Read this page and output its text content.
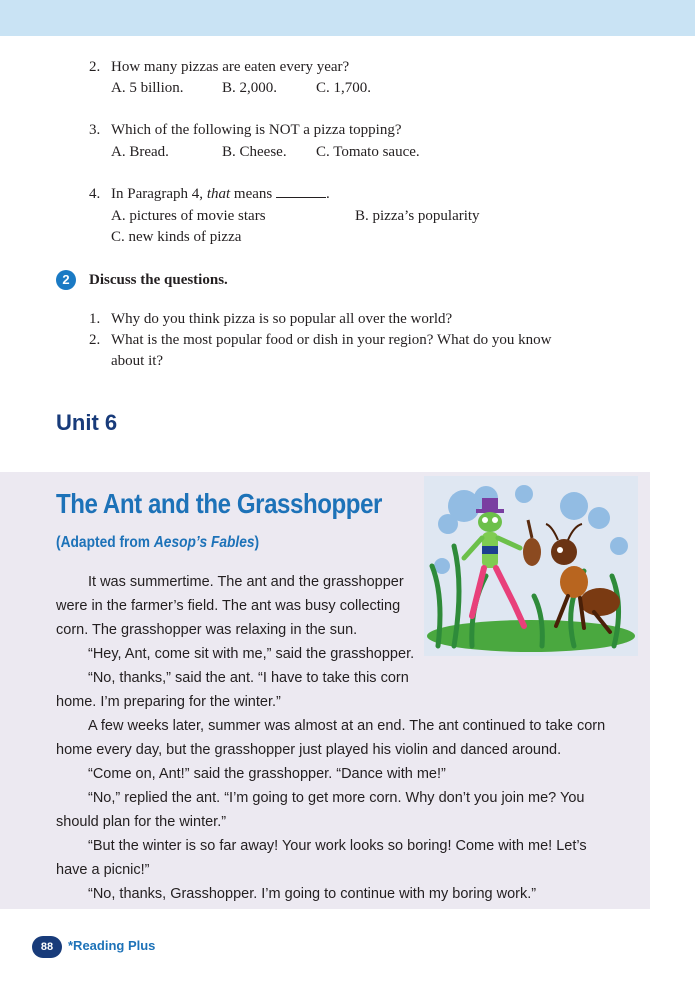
2. How many pizzas are eaten every year?
A. 5 billion.	B. 2,000.	C. 1,700.
3. Which of the following is NOT a pizza topping?
A. Bread.	B. Cheese. C. Tomato sauce.
4. In Paragraph 4, that means	.
A. pictures of movie stars	B. pizza’s popularity
C. new kinds of pizza
2	Discuss the questions.
1. Why do you think pizza is so popular all over the world?
2. What is the most popular food or dish in your region? What do you know
about it?
Unit 6
The Ant and the Grasshopper
(Adapted from Aesop’s Fables)
It was summertime. The ant and the grasshopper
were in the farmer’s field. The ant was busy collecting
corn. The grasshopper was relaxing in the sun.
“Hey, Ant, come sit with me,” said the grasshopper.
“No, thanks,” said the ant. “I have to take this corn
home. I’m preparing for the winter.”
A few weeks later, summer was almost at an end. The ant continued to take corn
home every day, but the grasshopper just played his violin and danced around.
“Come on, Ant!” said the grasshopper. “Dance with me!”
“No,” replied the ant. “I’m going to get more corn. Why don’t you join me? You
should plan for the winter.”
“But the winter is so far away! Your work looks so boring! Come with me! Let’s
have a picnic!”
“No, thanks, Grasshopper. I’m going to continue with my boring work.”
88	*Reading Plus
